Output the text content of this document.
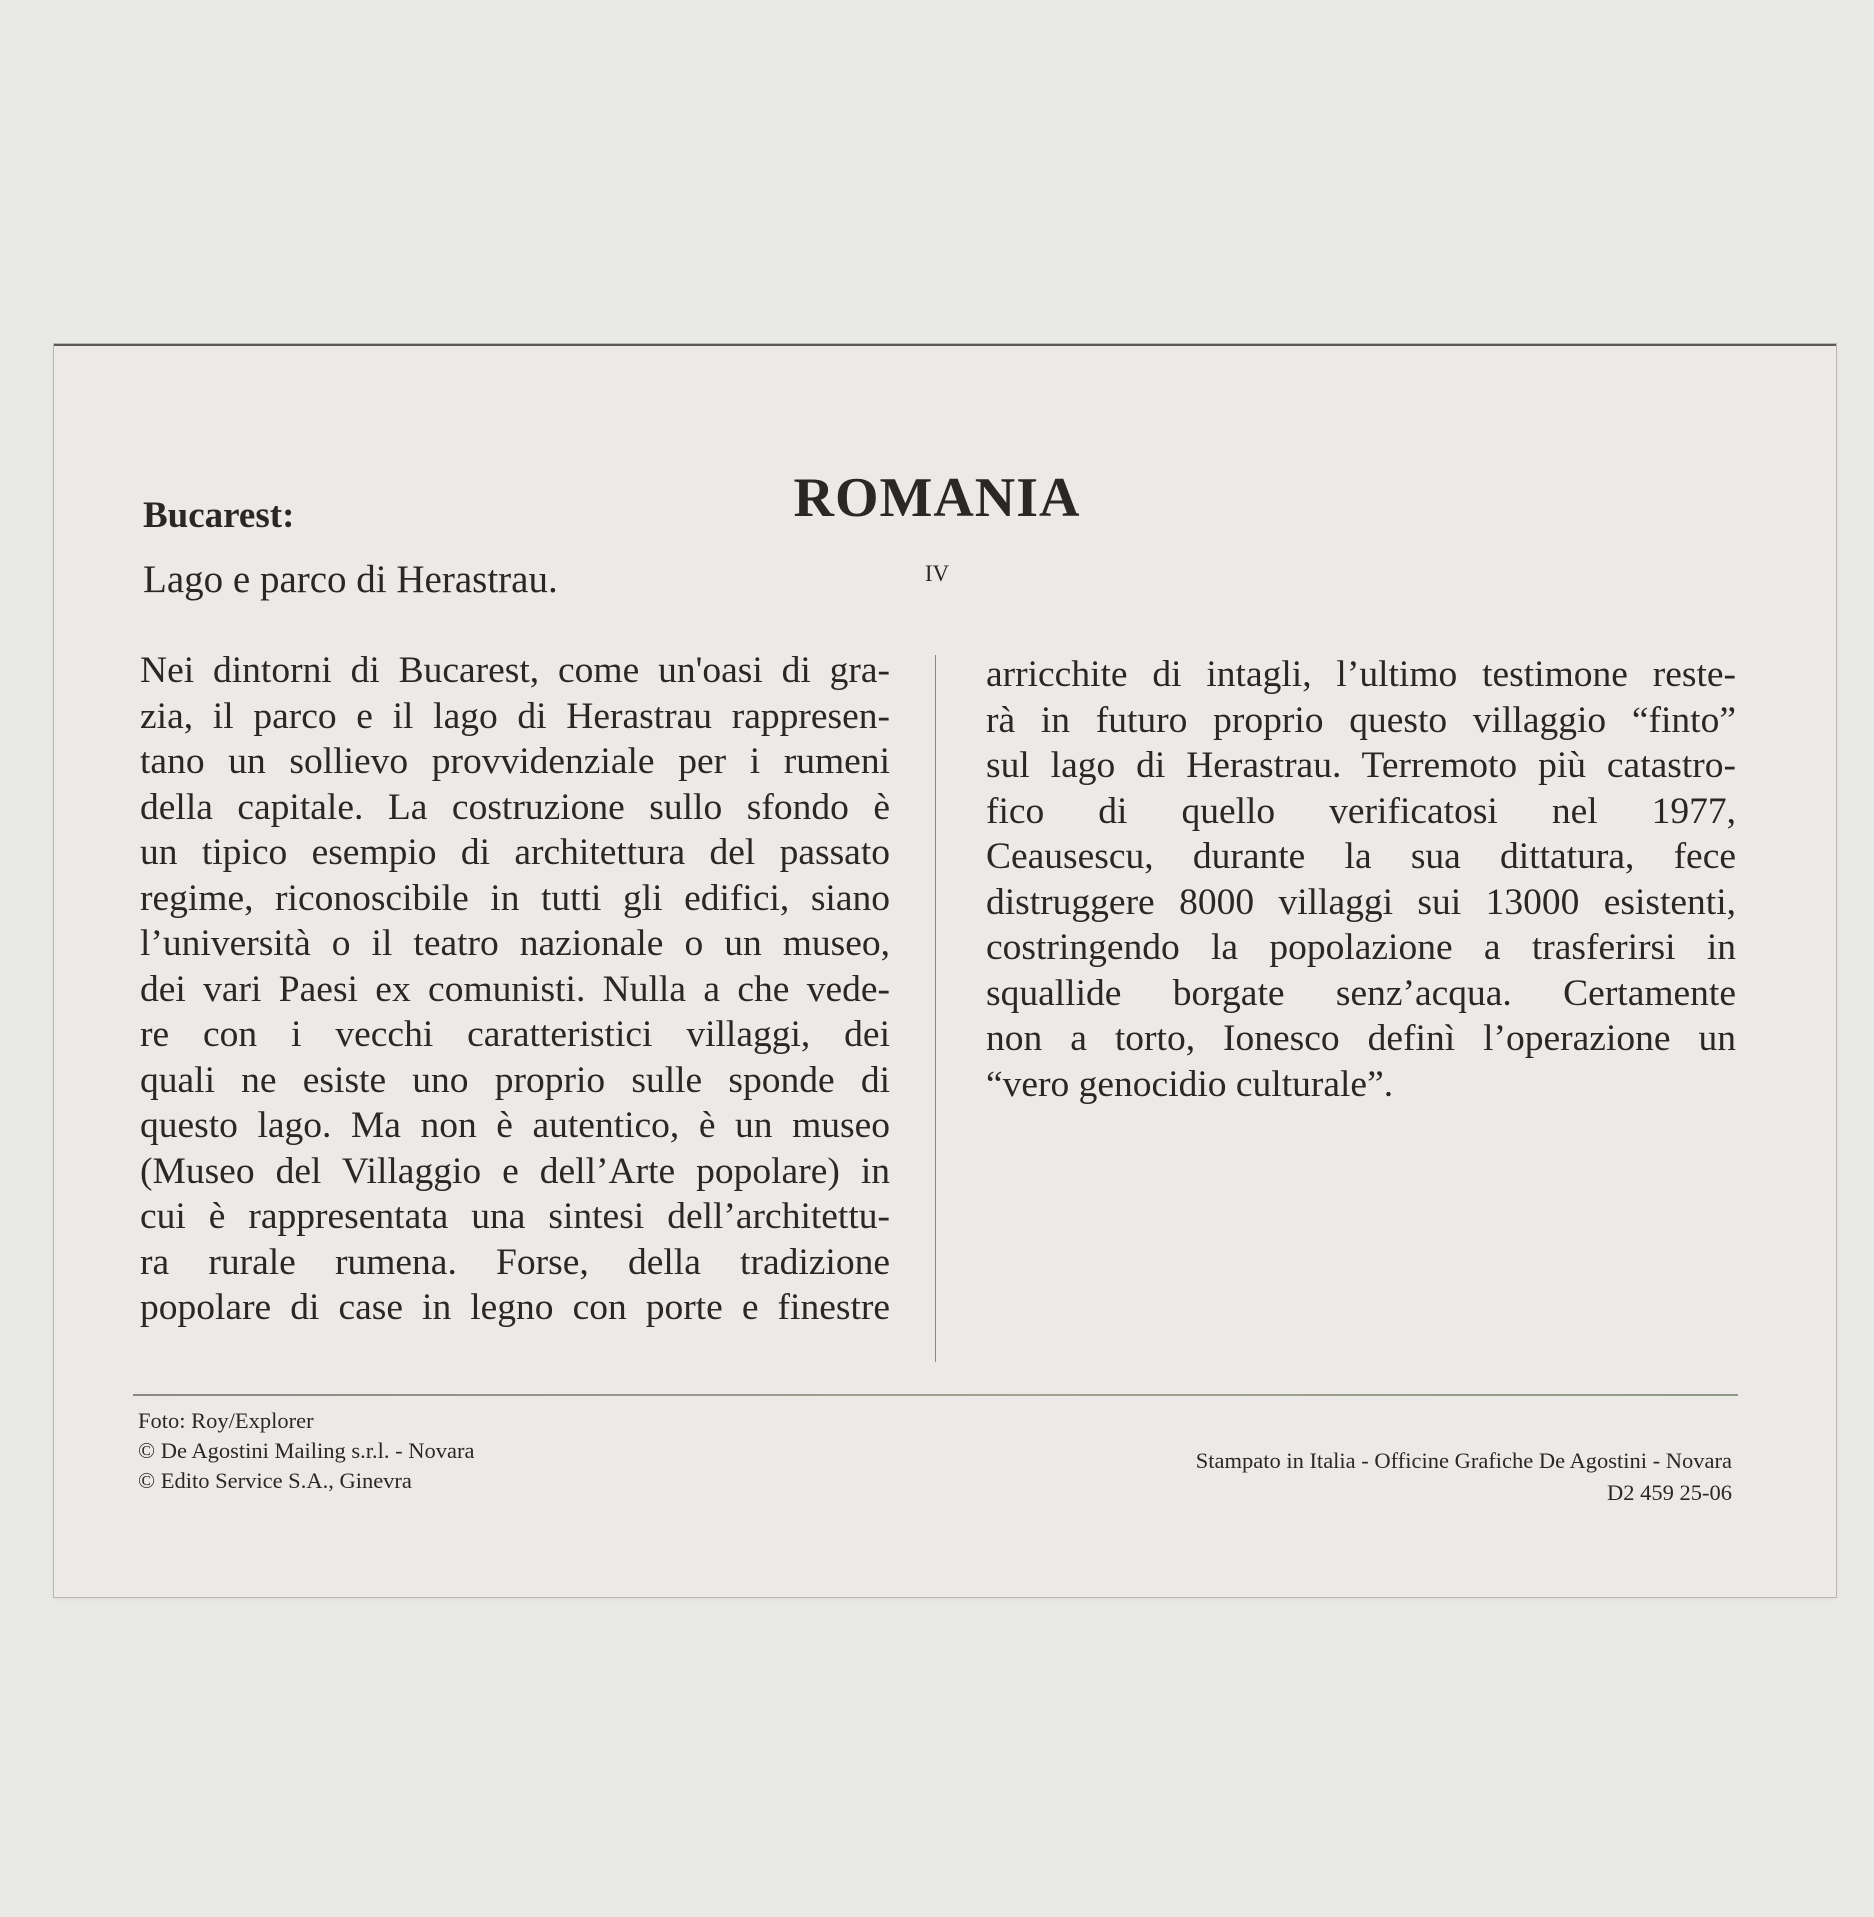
Bucarest:	ROMANIA

Lago e parco di Herastrau.	IV

Nei dintorni di Bucarest, come un'oasi di gra-
zia, il parco e il lago di Herastrau rappresen-
tano un sollievo provvidenziale per i rumeni
della capitale. La costruzione sullo sfondo è
un tipico esempio di architettura del passato
regime, riconoscibile in tutti gli edifici, siano
l’università o il teatro nazionale o un museo,
dei vari Paesi ex comunisti. Nulla a che vede-
re con i vecchi caratteristici villaggi, dei
quali ne esiste uno proprio sulle sponde di
questo lago. Ma non è autentico, è un museo
(Museo del Villaggio e dell’Arte popolare) in
cui è rappresentata una sintesi dell’architettu-
ra rurale rumena. Forse, della tradizione
popolare di case in legno con porte e finestre
arricchite di intagli, l’ultimo testimone reste-
rà in futuro proprio questo villaggio “finto”
sul lago di Herastrau. Terremoto più catastro-
fico di quello verificatosi nel 1977,
Ceausescu, durante la sua dittatura, fece
distruggere 8000 villaggi sui 13000 esistenti,
costringendo la popolazione a trasferirsi in
squallide borgate senz’acqua. Certamente
non a torto, Ionesco definì l’operazione un
“vero genocidio culturale”.
Foto: Roy/Explorer
© De Agostini Mailing s.r.l. - Novara
© Edito Service S.A., Ginevra
Stampato in Italia - Officine Grafiche De Agostini - Novara
D2 459 25-06
